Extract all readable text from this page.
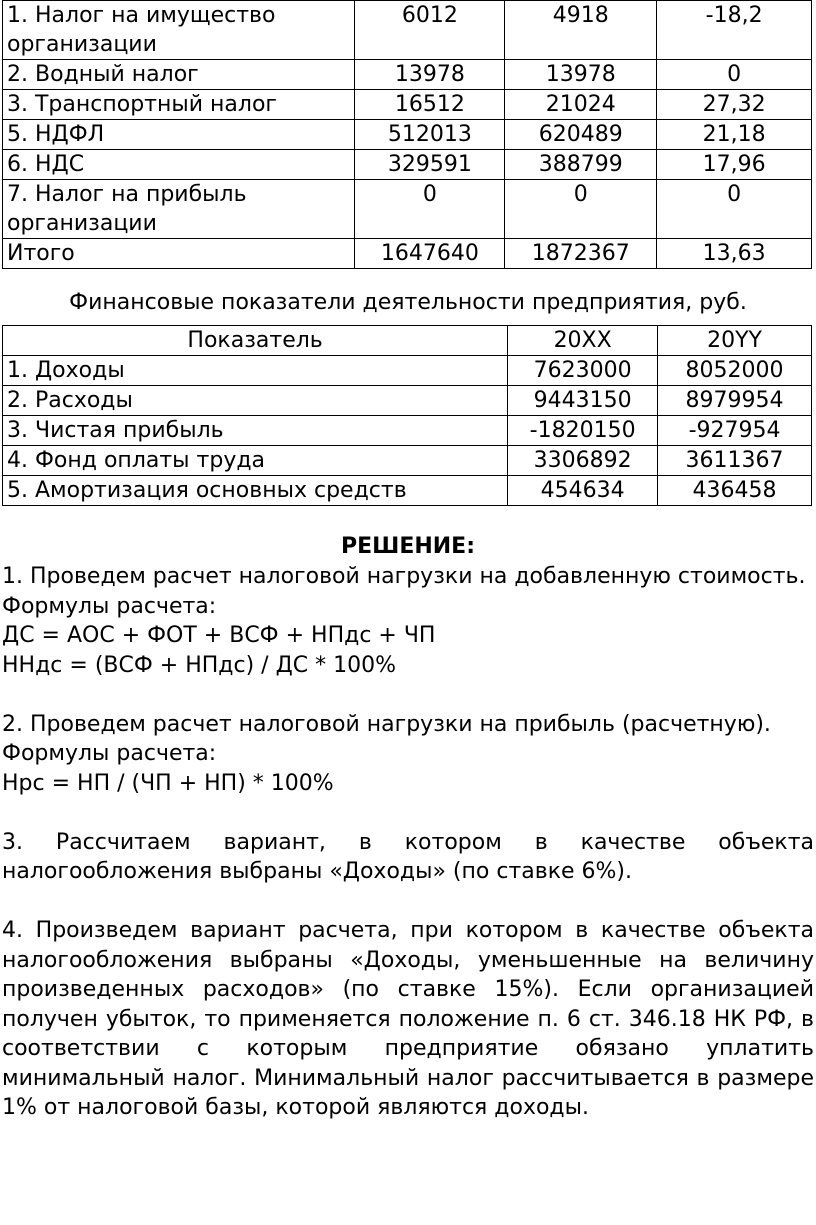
1. Налог на имущество организации	6012	4918	-18,2
2. Водный налог	13978	13978	0
3. Транспортный налог	16512	21024	27,32
5. НДФЛ	512013	620489	21,18
6. НДС	329591	388799	17,96
7. Налог на прибыль организации	0	0	0
Итого	1647640	1872367	13,63
Финансовые показатели деятельности предприятия, руб.
Показатель	20ХХ	20YY
1. Доходы	7623000	8052000
2. Расходы	9443150	8979954
3. Чистая прибыль	-1820150	-927954
4. Фонд оплаты труда	3306892	3611367
5. Амортизация основных средств	454634	436458
РЕШЕНИЕ:

1. Проведем расчет налоговой нагрузки на добавленную стоимость.

Формулы расчета:

ДС = АОС + ФОТ + ВСФ + НПдс + ЧП

ННдс = (ВСФ + НПдс) / ДС * 100%

2. Проведем расчет налоговой нагрузки на прибыль (расчетную).

Формулы расчета:

Нрс = НП / (ЧП + НП) * 100%

3. Рассчитаем вариант, в котором в качестве объекта налогообложения выбраны «Доходы» (по ставке 6%).

4. Произведем вариант расчета, при котором в качестве объекта налогообложения выбраны «Доходы, уменьшенные на величину произведенных расходов» (по ставке 15%). Если организацией получен убыток, то применяется положение п. 6 ст. 346.18 НК РФ, в соответствии с которым предприятие обязано уплатить минимальный налог. Минимальный налог рассчитывается в размере 1% от налоговой базы, которой являются доходы.
